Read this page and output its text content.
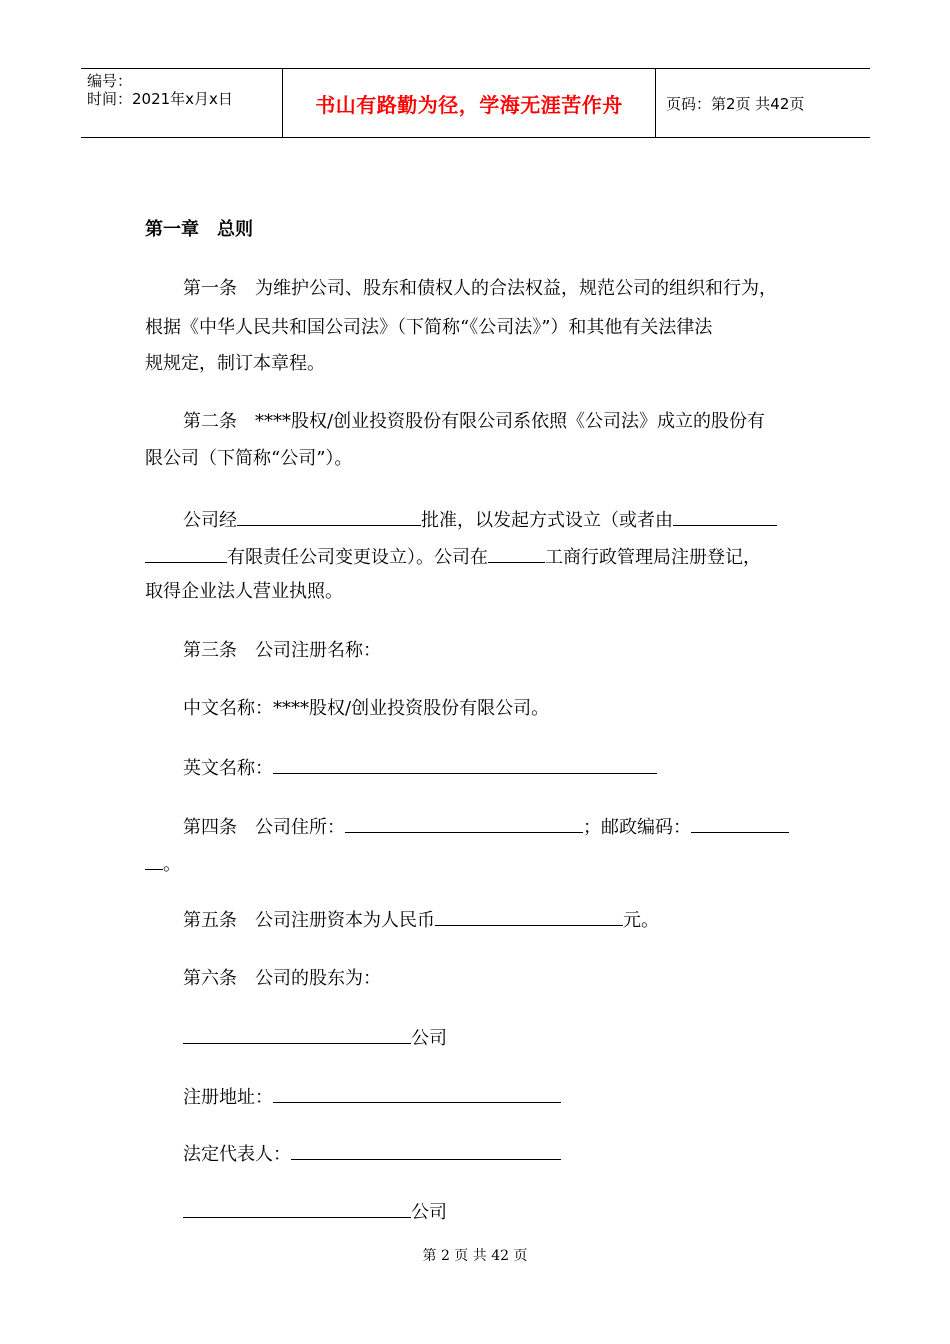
编号：
时间：2021年x月x日	书山有路勤为径，学海无涯苦作舟	页码：第2页 共42页
第一章　总则
第一条　为维护公司、股东和债权人的合法权益，规范公司的组织和行为，
根据《中华人民共和国公司法》（下简称“《公司法》”）和其他有关法律法
规规定，制订本章程。
第二条　****股权/创业投资股份有限公司系依照《公司法》成立的股份有
限公司（下简称“公司”）。
公司经	批准，以发起方式设立（或者由
有限责任公司变更设立）。公司在	工商行政管理局注册登记，
取得企业法人营业执照。
第三条　公司注册名称：
中文名称：****股权/创业投资股份有限公司。
英文名称：
第四条　公司住所：	；邮政编码：
。
第五条　公司注册资本为人民币	元。
第六条　公司的股东为：
公司
注册地址：
法定代表人：
公司
第 2 页 共 42 页
